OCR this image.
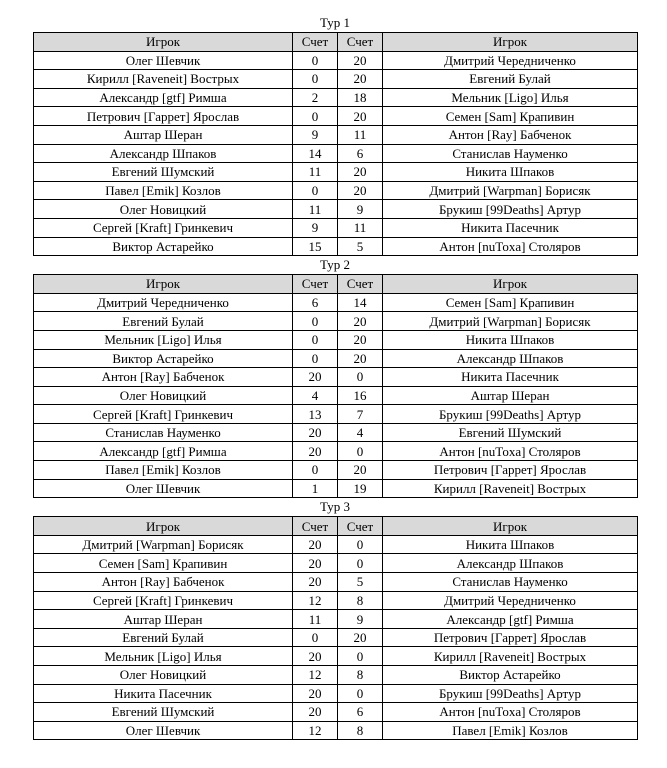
Тур 1
Игрок	Счет	Счет	Игрок
Олег Шевчик	0	20	Дмитрий Чередниченко
Кирилл [Raveneit] Вострых	0	20	Евгений Булай
Александр [gtf] Римша	2	18	Мельник [Ligo] Илья
Петрович [Гаррет] Ярослав	0	20	Семен [Sam] Крапивин
Аштар Шеран	9	11	Антон [Ray] Бабченок
Александр Шпаков	14	6	Станислав Науменко
Евгений Шумский	11	20	Никита Шпаков
Павел [Emik] Козлов	0	20	Дмитрий [Warpman] Борисяк
Олег Новицкий	11	9	Брукиш [99Deaths] Артур
Сергей [Kraft] Гринкевич	9	11	Никита Пасечник
Виктор Астарейко	15	5	Антон [nuToxa] Столяров
Тур 2
Игрок	Счет	Счет	Игрок
Дмитрий Чередниченко	6	14	Семен [Sam] Крапивин
Евгений Булай	0	20	Дмитрий [Warpman] Борисяк
Мельник [Ligo] Илья	0	20	Никита Шпаков
Виктор Астарейко	0	20	Александр Шпаков
Антон [Ray] Бабченок	20	0	Никита Пасечник
Олег Новицкий	4	16	Аштар Шеран
Сергей [Kraft] Гринкевич	13	7	Брукиш [99Deaths] Артур
Станислав Науменко	20	4	Евгений Шумский
Александр [gtf] Римша	20	0	Антон [nuToxa] Столяров
Павел [Emik] Козлов	0	20	Петрович [Гаррет] Ярослав
Олег Шевчик	1	19	Кирилл [Raveneit] Вострых
Тур 3
Игрок	Счет	Счет	Игрок
Дмитрий [Warpman] Борисяк	20	0	Никита Шпаков
Семен [Sam] Крапивин	20	0	Александр Шпаков
Антон [Ray] Бабченок	20	5	Станислав Науменко
Сергей [Kraft] Гринкевич	12	8	Дмитрий Чередниченко
Аштар Шеран	11	9	Александр [gtf] Римша
Евгений Булай	0	20	Петрович [Гаррет] Ярослав
Мельник [Ligo] Илья	20	0	Кирилл [Raveneit] Вострых
Олег Новицкий	12	8	Виктор Астарейко
Никита Пасечник	20	0	Брукиш [99Deaths] Артур
Евгений Шумский	20	6	Антон [nuToxa] Столяров
Олег Шевчик	12	8	Павел [Emik] Козлов
